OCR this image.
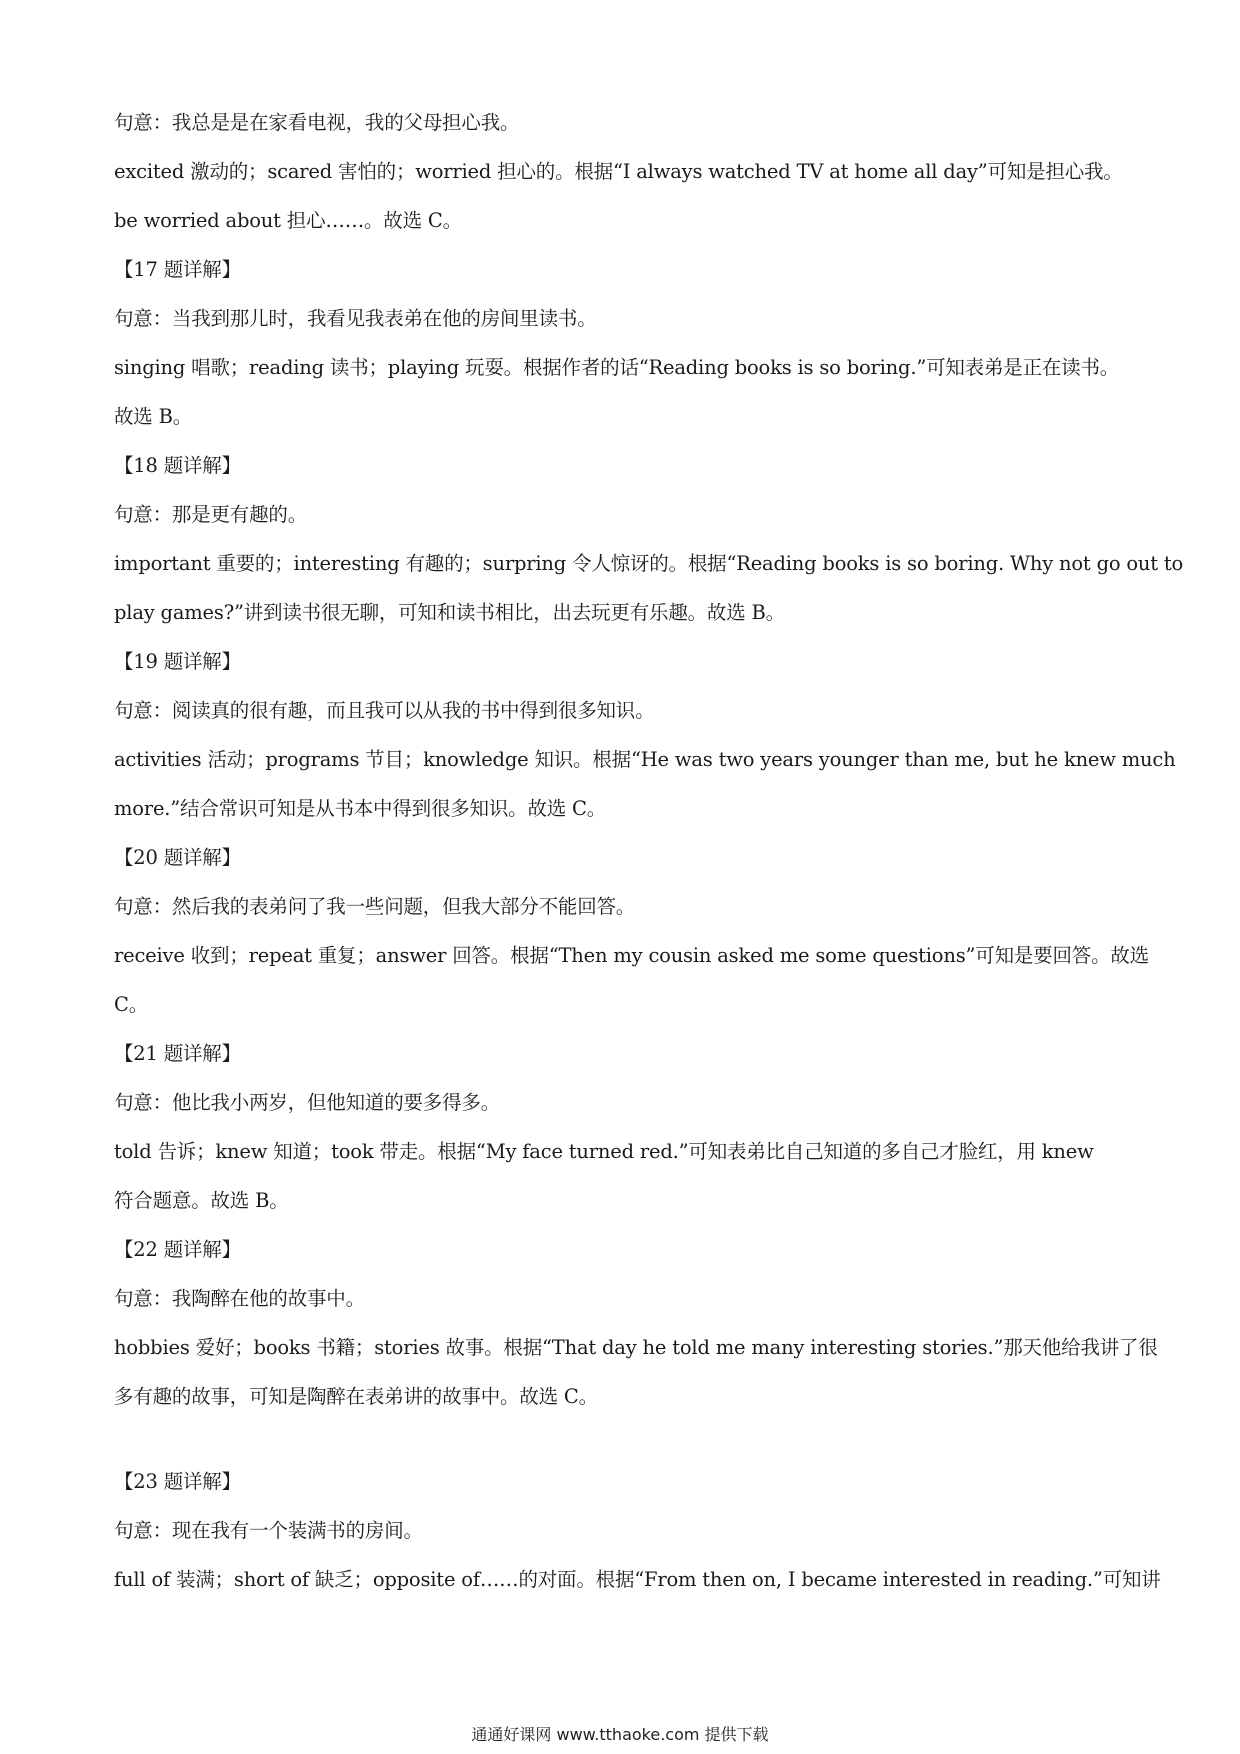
句意：我总是是在家看电视，我的父母担心我。
excited 激动的；scared 害怕的；worried 担心的。根据“I always watched TV at home all day”可知是担心我。
be worried about 担心……。故选 C。
【17 题详解】
句意：当我到那儿时，我看见我表弟在他的房间里读书。
singing 唱歌；reading 读书；playing 玩耍。根据作者的话“Reading books is so boring.”可知表弟是正在读书。
故选 B。
【18 题详解】
句意：那是更有趣的。
important 重要的；interesting 有趣的；surpring 令人惊讶的。根据“Reading books is so boring. Why not go out to
play games?”讲到读书很无聊，可知和读书相比，出去玩更有乐趣。故选 B。
【19 题详解】
句意：阅读真的很有趣，而且我可以从我的书中得到很多知识。
activities 活动；programs 节目；knowledge 知识。根据“He was two years younger than me, but he knew much
more.”结合常识可知是从书本中得到很多知识。故选 C。
【20 题详解】
句意：然后我的表弟问了我一些问题，但我大部分不能回答。
receive 收到；repeat 重复；answer 回答。根据“Then my cousin asked me some questions”可知是要回答。故选
C。
【21 题详解】
句意：他比我小两岁，但他知道的要多得多。
told 告诉；knew 知道；took 带走。根据“My face turned red.”可知表弟比自己知道的多自己才脸红，用 knew
符合题意。故选 B。
【22 题详解】
句意：我陶醉在他的故事中。
hobbies 爱好；books 书籍；stories 故事。根据“That day he told me many interesting stories.”那天他给我讲了很
多有趣的故事，可知是陶醉在表弟讲的故事中。故选 C。
【23 题详解】
句意：现在我有一个装满书的房间。
full of 装满；short of 缺乏；opposite of……的对面。根据“From then on, I became interested in reading.”可知讲
通通好课网 www.tthaoke.com 提供下载
